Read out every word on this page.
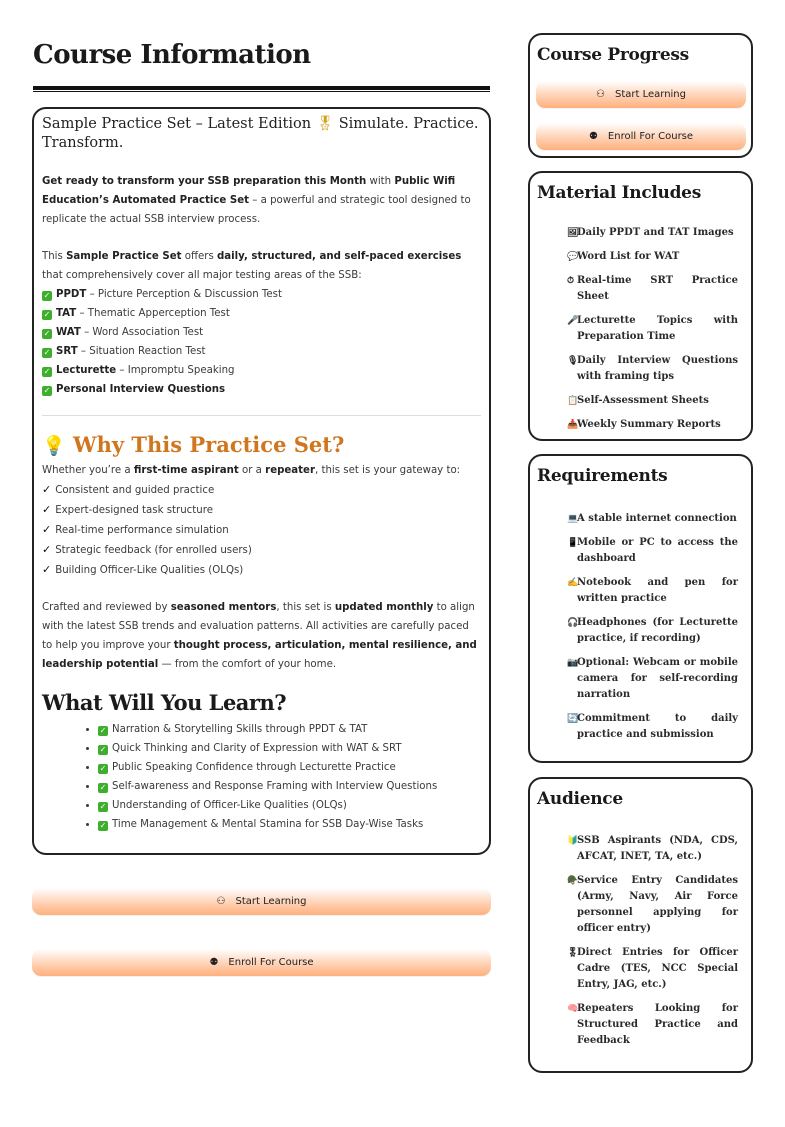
Course Information
Sample Practice Set – Latest Edition 🎖 Simulate. Practice. Transform.

Get ready to transform your SSB preparation this Month with Public Wifi Education’s Automated Practice Set – a powerful and strategic tool designed to replicate the actual SSB interview process.

This Sample Practice Set offers daily, structured, and self-paced exercises that comprehensively cover all major testing areas of the SSB:

✓ PPDT – Picture Perception & Discussion Test
✓ TAT – Thematic Apperception Test
✓ WAT – Word Association Test
✓ SRT – Situation Reaction Test
✓ Lecturette – Impromptu Speaking
✓ Personal Interview Questions
💡 Why This Practice Set?

Whether you’re a first-time aspirant or a repeater, this set is your gateway to:

✓ Consistent and guided practice
✓ Expert-designed task structure
✓ Real-time performance simulation
✓ Strategic feedback (for enrolled users)
✓ Building Officer-Like Qualities (OLQs)

Crafted and reviewed by seasoned mentors, this set is updated monthly to align with the latest SSB trends and evaluation patterns. All activities are carefully paced to help you improve your thought process, articulation, mental resilience, and leadership potential — from the comfort of your home.

What Will You Learn?
• ✓ Narration & Storytelling Skills through PPDT & TAT
• ✓ Quick Thinking and Clarity of Expression with WAT & SRT
• ✓ Public Speaking Confidence through Lecturette Practice
• ✓ Self-awareness and Response Framing with Interview Questions
• ✓ Understanding of Officer-Like Qualities (OLQs)
• ✓ Time Management & Mental Stamina for SSB Day-Wise Tasks
⚇ Start Learning
⚉ Enroll For Course
Course Progress
⚇ Start Learning
⚉ Enroll For Course
Material Includes
🖼
Daily PPDT and TAT Images
💬
Word List for WAT
⏱ Real-time SRT Practice Sheet
🎤
Lecturette Topics with Preparation Time
🎙
Daily Interview Questions with framing tips
📋
Self-Assessment Sheets
📥
Weekly Summary Reports
Requirements
💻
A stable internet connection
📱
Mobile or PC to access the dashboard
✍
Notebook and pen for written practice
🎧
Headphones (for Lecturette practice, if recording)
📷
Optional: Webcam or mobile camera for self-recording narration
🔄
Commitment to daily practice and submission
Audience
🔰
SSB Aspirants (NDA, CDS, AFCAT, INET, TA, etc.)
🪖
Service Entry Candidates (Army, Navy, Air Force personnel applying for officer entry)
🎖
Direct Entries for Officer Cadre (TES, NCC Special Entry, JAG, etc.)
🧠
Repeaters Looking for Structured Practice and Feedback
